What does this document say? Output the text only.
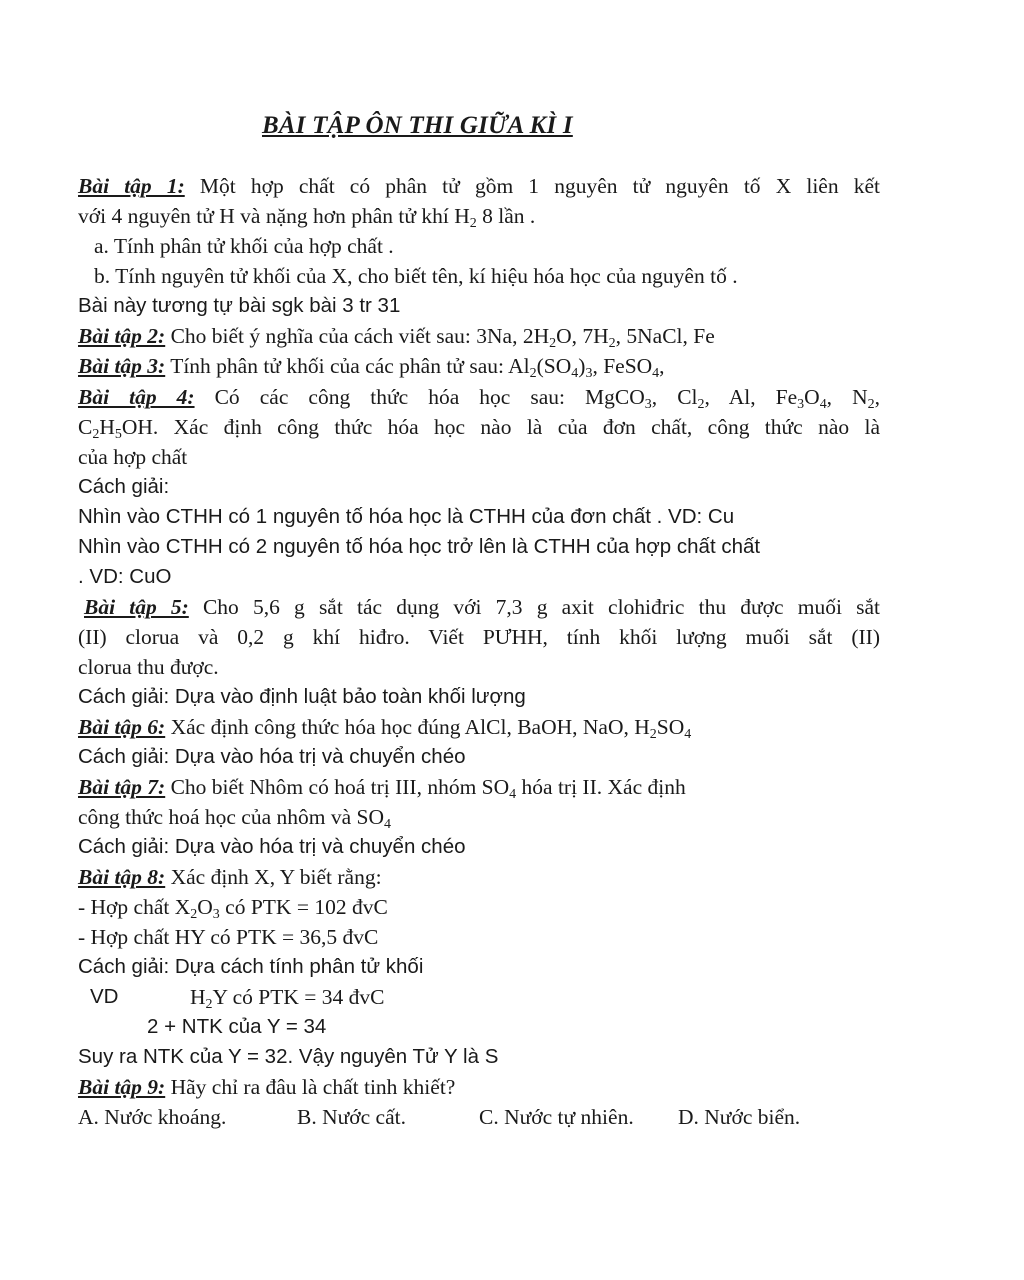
BÀI TẬP ÔN THI GIỮA KÌ I
Bài tập 1: Một hợp chất có phân tử gồm 1 nguyên tử nguyên tố X liên kết
với 4 nguyên tử H và nặng hơn phân tử khí $H_2$ 8 lần .
a. Tính phân tử khối của hợp chất .
b. Tính nguyên tử khối của X, cho biết tên, kí hiệu hóa học của nguyên tố .
Bài này tương tự bài sgk bài 3 tr 31
Bài tập 2: Cho biết ý nghĩa của cách viết sau: 3Na, $2H_2O$, $7H_2$, 5NaCl, Fe
Bài tập 3: Tính phân tử khối của các phân tử sau: $Al_2(SO_4)_3$, FeSO$_4$,
Bài tập 4: Có các công thức hóa học sau: MgCO$_3$, $Cl_2$, Al, $Fe_3O_4$, $N_2$,
$C_2H_5OH$. Xác định công thức hóa học nào là của đơn chất, công thức nào là
của hợp chất
Cách giải:
Nhìn vào CTHH có 1 nguyên tố hóa học là CTHH của đơn chất . VD: Cu
Nhìn vào CTHH có 2 nguyên tố hóa học trở lên là CTHH của hợp chất chất
. VD: CuO
Bài tập 5: Cho 5,6 g sắt tác dụng với 7,3 g axit clohiđric thu được muối sắt
(II) clorua và 0,2 g khí hiđro. Viết PƯHH, tính khối lượng muối sắt (II)
clorua thu được.
Cách giải: Dựa vào định luật bảo toàn khối lượng
Bài tập 6: Xác định công thức hóa học đúng AlCl, BaOH, NaO, $H_2SO_4$
Cách giải: Dựa vào hóa trị và chuyển chéo
Bài tập 7: Cho biết Nhôm có hoá trị III, nhóm $SO_4$ hóa trị II. Xác định
công thức hoá học của nhôm và $SO_4$
Cách giải: Dựa vào hóa trị và chuyển chéo
Bài tập 8: Xác định X, Y biết rằng:
- Hợp chất $X_2O_3$ có PTK = 102 đvC
- Hợp chất HY có PTK = 36,5 đvC
Cách giải: Dựa cách tính phân tử khối
VD	$H_2Y$ có PTK = 34 đvC
2 + NTK của Y = 34
Suy ra NTK của Y = 32. Vậy nguyên Tử Y là S
Bài tập 9: Hãy chỉ ra đâu là chất tinh khiết?
A. Nước khoáng.	B. Nước cất.	C. Nước tự nhiên.	D. Nước biển.
